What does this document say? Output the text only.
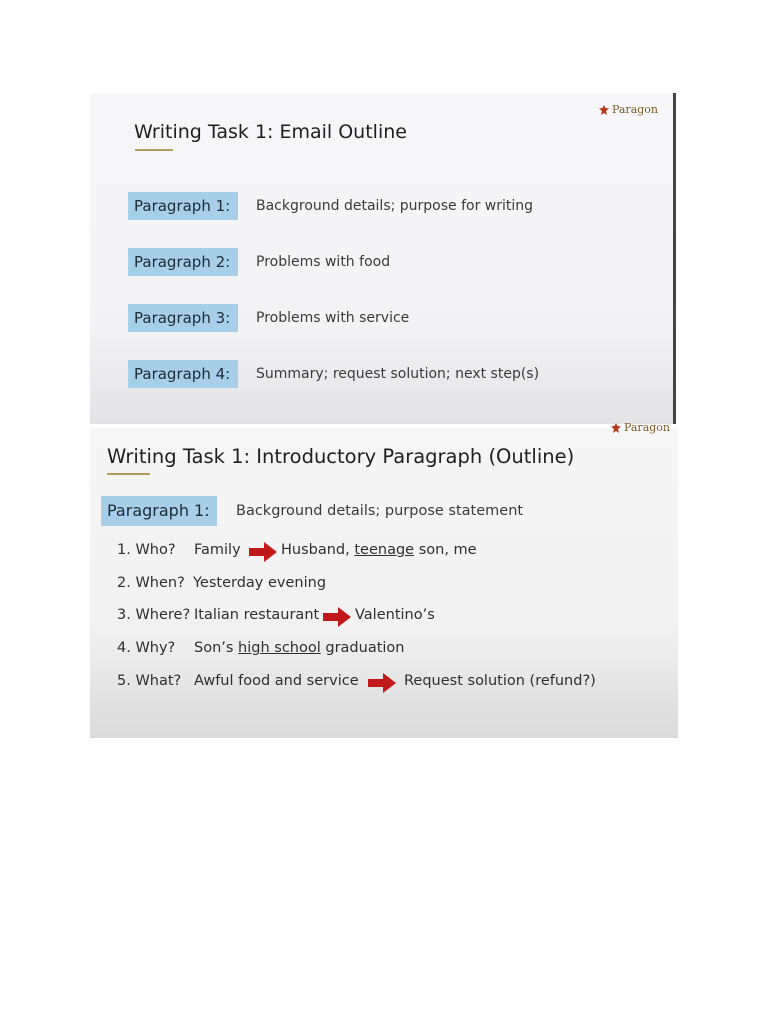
Paragon
Writing Task 1: Email Outline
Paragraph 1:	Background details; purpose for writing
Paragraph 2:	Problems with food
Paragraph 3:	Problems with service
Paragraph 4:	Summary; request solution; next step(s)
Paragon
Writing Task 1: Introductory Paragraph (Outline)
Paragraph 1:	Background details; purpose statement
1. Who? Family	Husband, teenage son, me
2. When? Yesterday evening
3. Where? Italian restaurant Valentino’s
4. Why? Son’s high school graduation
5. What? Awful food and service	Request solution (refund?)
